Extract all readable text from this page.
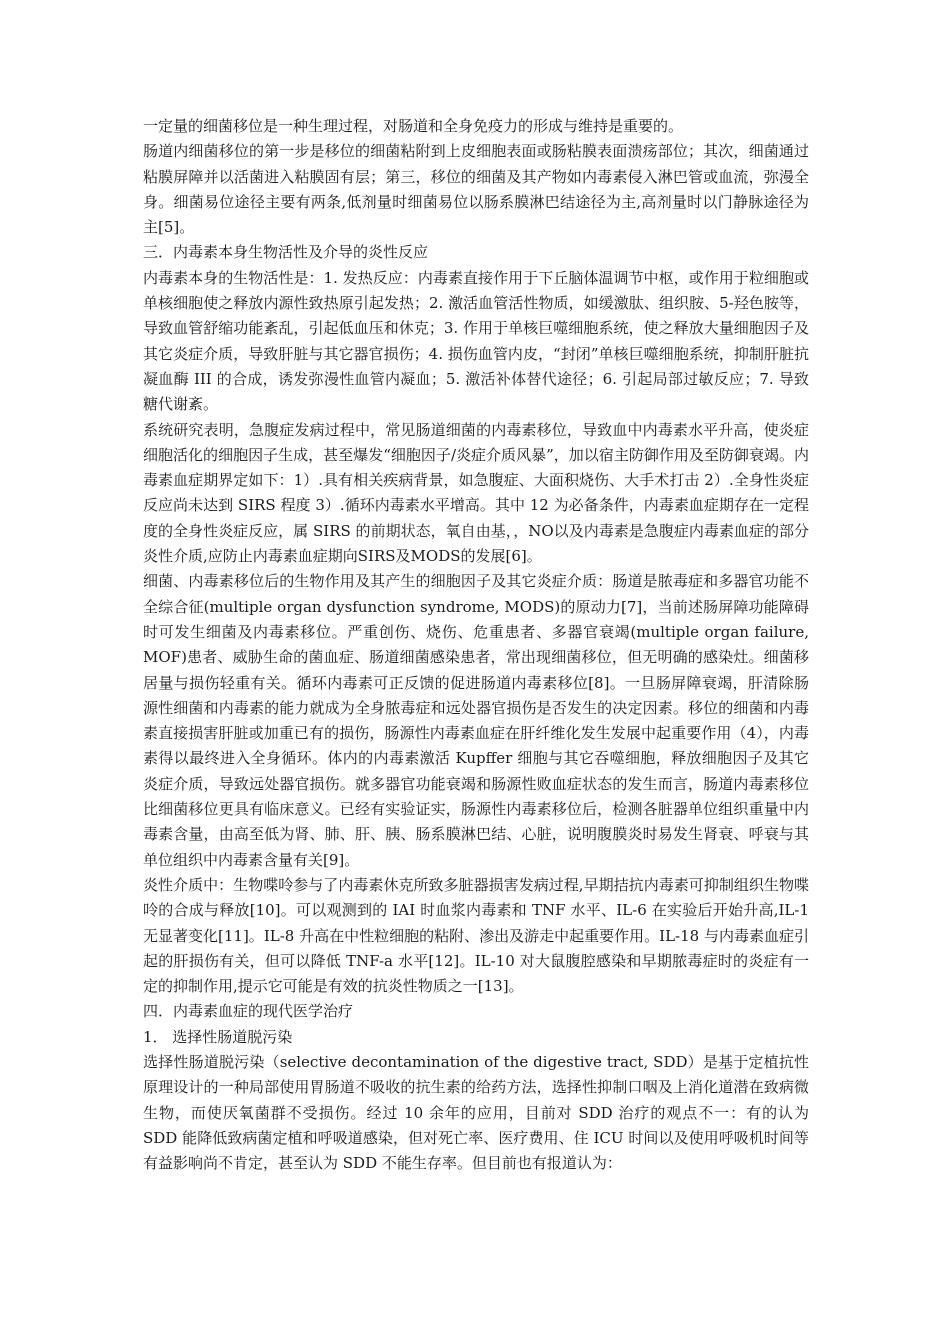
一定量的细菌移位是一种生理过程，对肠道和全身免疫力的形成与维持是重要的。

肠道内细菌移位的第一步是移位的细菌粘附到上皮细胞表面或肠粘膜表面溃疡部位；其次，细菌通过粘膜屏障并以活菌进入粘膜固有层；第三，移位的细菌及其产物如内毒素侵入淋巴管或血流，弥漫全身。细菌易位途径主要有两条,低剂量时细菌易位以肠系膜淋巴结途径为主,高剂量时以门静脉途径为主[5]。

三．内毒素本身生物活性及介导的炎性反应

内毒素本身的生物活性是：1. 发热反应：内毒素直接作用于下丘脑体温调节中枢，或作用于粒细胞或单核细胞使之释放内源性致热原引起发热；2. 激活血管活性物质，如缓激肽、组织胺、5-羟色胺等，导致血管舒缩功能紊乱，引起低血压和休克；3. 作用于单核巨噬细胞系统，使之释放大量细胞因子及其它炎症介质，导致肝脏与其它器官损伤；4. 损伤血管内皮，“封闭”单核巨噬细胞系统，抑制肝脏抗凝血酶 III 的合成，诱发弥漫性血管内凝血；5. 激活补体替代途径；6. 引起局部过敏反应；7. 导致糖代谢紊。

系统研究表明，急腹症发病过程中，常见肠道细菌的内毒素移位，导致血中内毒素水平升高，使炎症细胞活化的细胞因子生成，甚至爆发“细胞因子/炎症介质风暴”，加以宿主防御作用及至防御衰竭。内毒素血症期界定如下：1）.具有相关疾病背景，如急腹症、大面积烧伤、大手术打击 2）.全身性炎症反应尚未达到 SIRS 程度 3）.循环内毒素水平增高。其中 12 为必备条件，内毒素血症期存在一定程度的全身性炎症反应，属 SIRS 的前期状态，氧自由基，，NO以及内毒素是急腹症内毒素血症的部分炎性介质,应防止内毒素血症期向SIRS及MODS的发展[6]。

细菌、内毒素移位后的生物作用及其产生的细胞因子及其它炎症介质：肠道是脓毒症和多器官功能不全综合征(multiple organ dysfunction syndrome, MODS)的原动力[7]，当前述肠屏障功能障碍时可发生细菌及内毒素移位。严重创伤、烧伤、危重患者、多器官衰竭(multiple organ failure, MOF)患者、威胁生命的菌血症、肠道细菌感染患者，常出现细菌移位，但无明确的感染灶。细菌移居量与损伤轻重有关。循环内毒素可正反馈的促进肠道内毒素移位[8]。一旦肠屏障衰竭，肝清除肠源性细菌和内毒素的能力就成为全身脓毒症和远处器官损伤是否发生的决定因素。移位的细菌和内毒素直接损害肝脏或加重已有的损伤，肠源性内毒素血症在肝纤维化发生发展中起重要作用（4），内毒素得以最终进入全身循环。体内的内毒素激活 Kupffer 细胞与其它吞噬细胞，释放细胞因子及其它炎症介质，导致远处器官损伤。就多器官功能衰竭和肠源性败血症状态的发生而言，肠道内毒素移位比细菌移位更具有临床意义。已经有实验证实，肠源性内毒素移位后，检测各脏器单位组织重量中内毒素含量，由高至低为肾、肺、肝、胰、肠系膜淋巴结、心脏，说明腹膜炎时易发生肾衰、呼衰与其单位组织中内毒素含量有关[9]。

炎性介质中：生物喋呤参与了内毒素休克所致多脏器损害发病过程,早期拮抗内毒素可抑制组织生物喋呤的合成与释放[10]。可以观测到的 IAI 时血浆内毒素和 TNF 水平、IL-6 在实验后开始升高,IL-1 无显著变化[11]。IL-8 升高在中性粒细胞的粘附、渗出及游走中起重要作用。IL-18 与内毒素血症引起的肝损伤有关，但可以降低 TNF-a 水平[12]。IL-10 对大鼠腹腔感染和早期脓毒症时的炎症有一定的抑制作用,提示它可能是有效的抗炎性物质之一[13]。

四．内毒素血症的现代医学治疗

1． 选择性肠道脱污染

选择性肠道脱污染（selective decontamination of the digestive tract, SDD）是基于定植抗性原理设计的一种局部使用胃肠道不吸收的抗生素的给药方法，选择性抑制口咽及上消化道潜在致病微生物，而使厌氧菌群不受损伤。经过 10 余年的应用，目前对 SDD 治疗的观点不一：有的认为 SDD 能降低致病菌定植和呼吸道感染，但对死亡率、医疗费用、住 ICU 时间以及使用呼吸机时间等有益影响尚不肯定，甚至认为 SDD 不能生存率。但目前也有报道认为：
